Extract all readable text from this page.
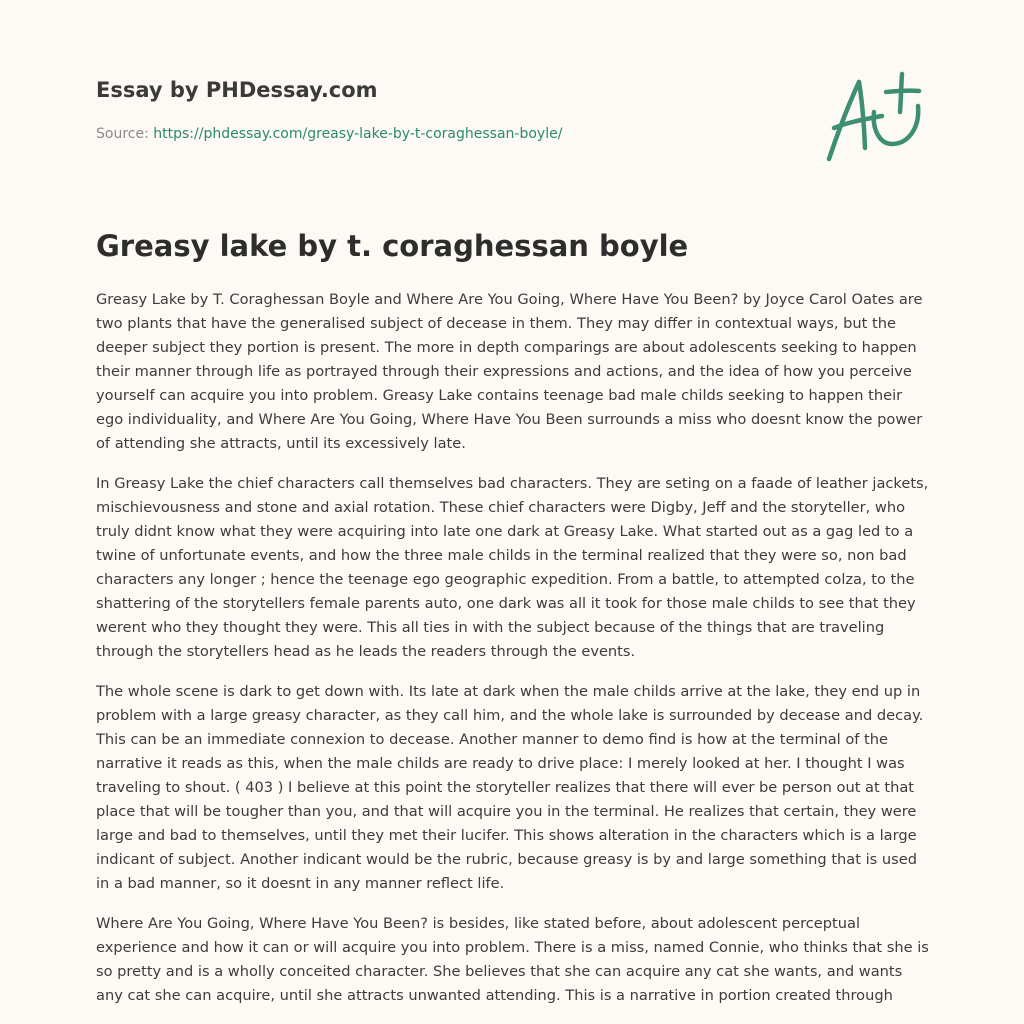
Essay by PHDessay.com
Source: https://phdessay.com/greasy-lake-by-t-coraghessan-boyle/
Greasy lake by t. coraghessan boyle

Greasy Lake by T. Coraghessan Boyle and Where Are You Going, Where Have You Been? by Joyce Carol Oates are two plants that have the generalised subject of decease in them. They may differ in contextual ways, but the deeper subject they portion is present. The more in depth comparings are about adolescents seeking to happen their manner through life as portrayed through their expressions and actions, and the idea of how you perceive yourself can acquire you into problem. Greasy Lake contains teenage bad male childs seeking to happen their ego individuality, and Where Are You Going, Where Have You Been surrounds a miss who doesnt know the power of attending she attracts, until its excessively late.

In Greasy Lake the chief characters call themselves bad characters. They are seting on a faade of leather jackets, mischievousness and stone and axial rotation. These chief characters were Digby, Jeff and the storyteller, who truly didnt know what they were acquiring into late one dark at Greasy Lake. What started out as a gag led to a twine of unfortunate events, and how the three male childs in the terminal realized that they were so, non bad characters any longer ; hence the teenage ego geographic expedition. From a battle, to attempted colza, to the shattering of the storytellers female parents auto, one dark was all it took for those male childs to see that they werent who they thought they were. This all ties in with the subject because of the things that are traveling through the storytellers head as he leads the readers through the events.

The whole scene is dark to get down with. Its late at dark when the male childs arrive at the lake, they end up in problem with a large greasy character, as they call him, and the whole lake is surrounded by decease and decay. This can be an immediate connexion to decease. Another manner to demo find is how at the terminal of the narrative it reads as this, when the male childs are ready to drive place: I merely looked at her. I thought I was traveling to shout. ( 403 ) I believe at this point the storyteller realizes that there will ever be person out at that place that will be tougher than you, and that will acquire you in the terminal. He realizes that certain, they were large and bad to themselves, until they met their lucifer. This shows alteration in the characters which is a large indicant of subject. Another indicant would be the rubric, because greasy is by and large something that is used in a bad manner, so it doesnt in any manner reflect life.

Where Are You Going, Where Have You Been? is besides, like stated before, about adolescent perceptual experience and how it can or will acquire you into problem. There is a miss, named Connie, who thinks that she is so pretty and is a wholly conceited character. She believes that she can acquire any cat she wants, and wants any cat she can acquire, until she attracts unwanted attending. This is a narrative in portion created through
